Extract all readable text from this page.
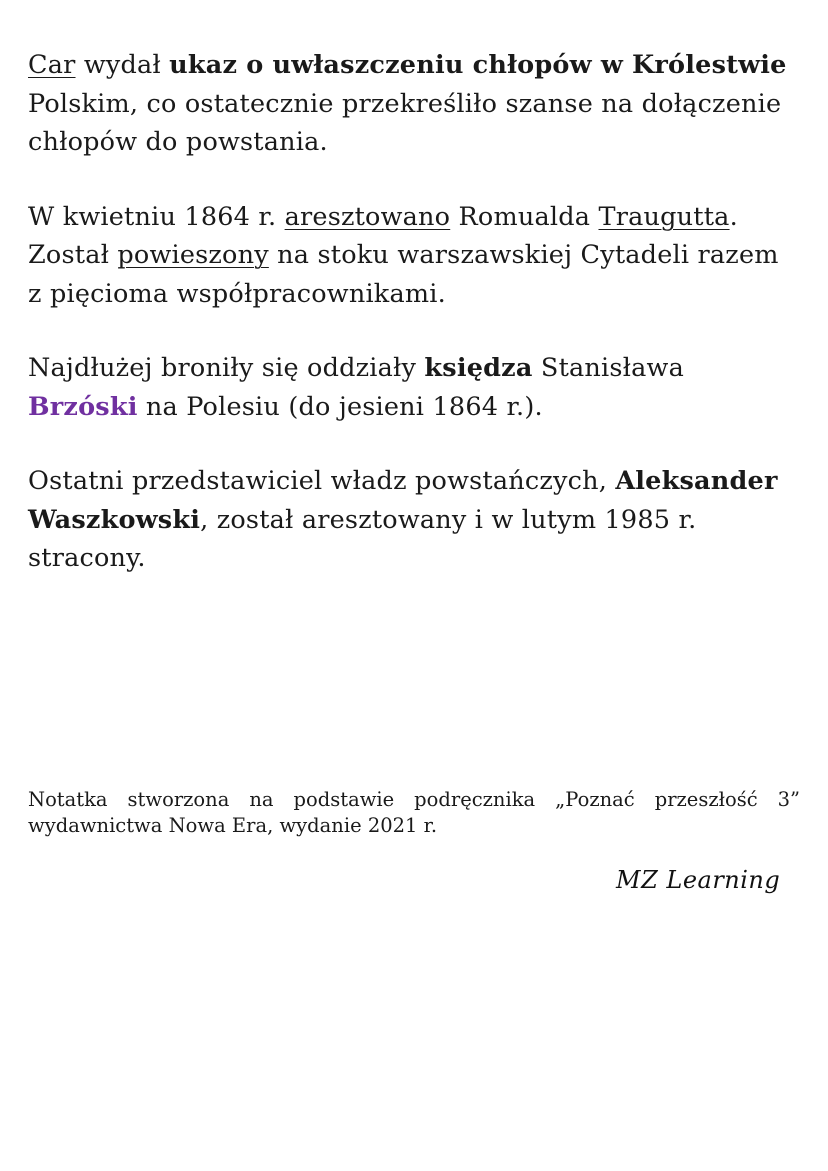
Car wydał ukaz o uwłaszczeniu chłopów w Królestwie Polskim, co ostatecznie przekreśliło szanse na dołączenie chłopów do powstania.

W kwietniu 1864 r. aresztowano Romualda Traugutta. Został powieszony na stoku warszawskiej Cytadeli razem z pięcioma współpracownikami.

Najdłużej broniły się oddziały księdza Stanisława Brzóski na Polesiu (do jesieni 1864 r.).

Ostatni przedstawiciel władz powstańczych, Aleksander Waszkowski, został aresztowany i w lutym 1985 r. stracony.

Notatka stworzona na podstawie podręcznika „Poznać przeszłość 3” wydawnictwa Nowa Era, wydanie 2021 r.
MZ Learning
